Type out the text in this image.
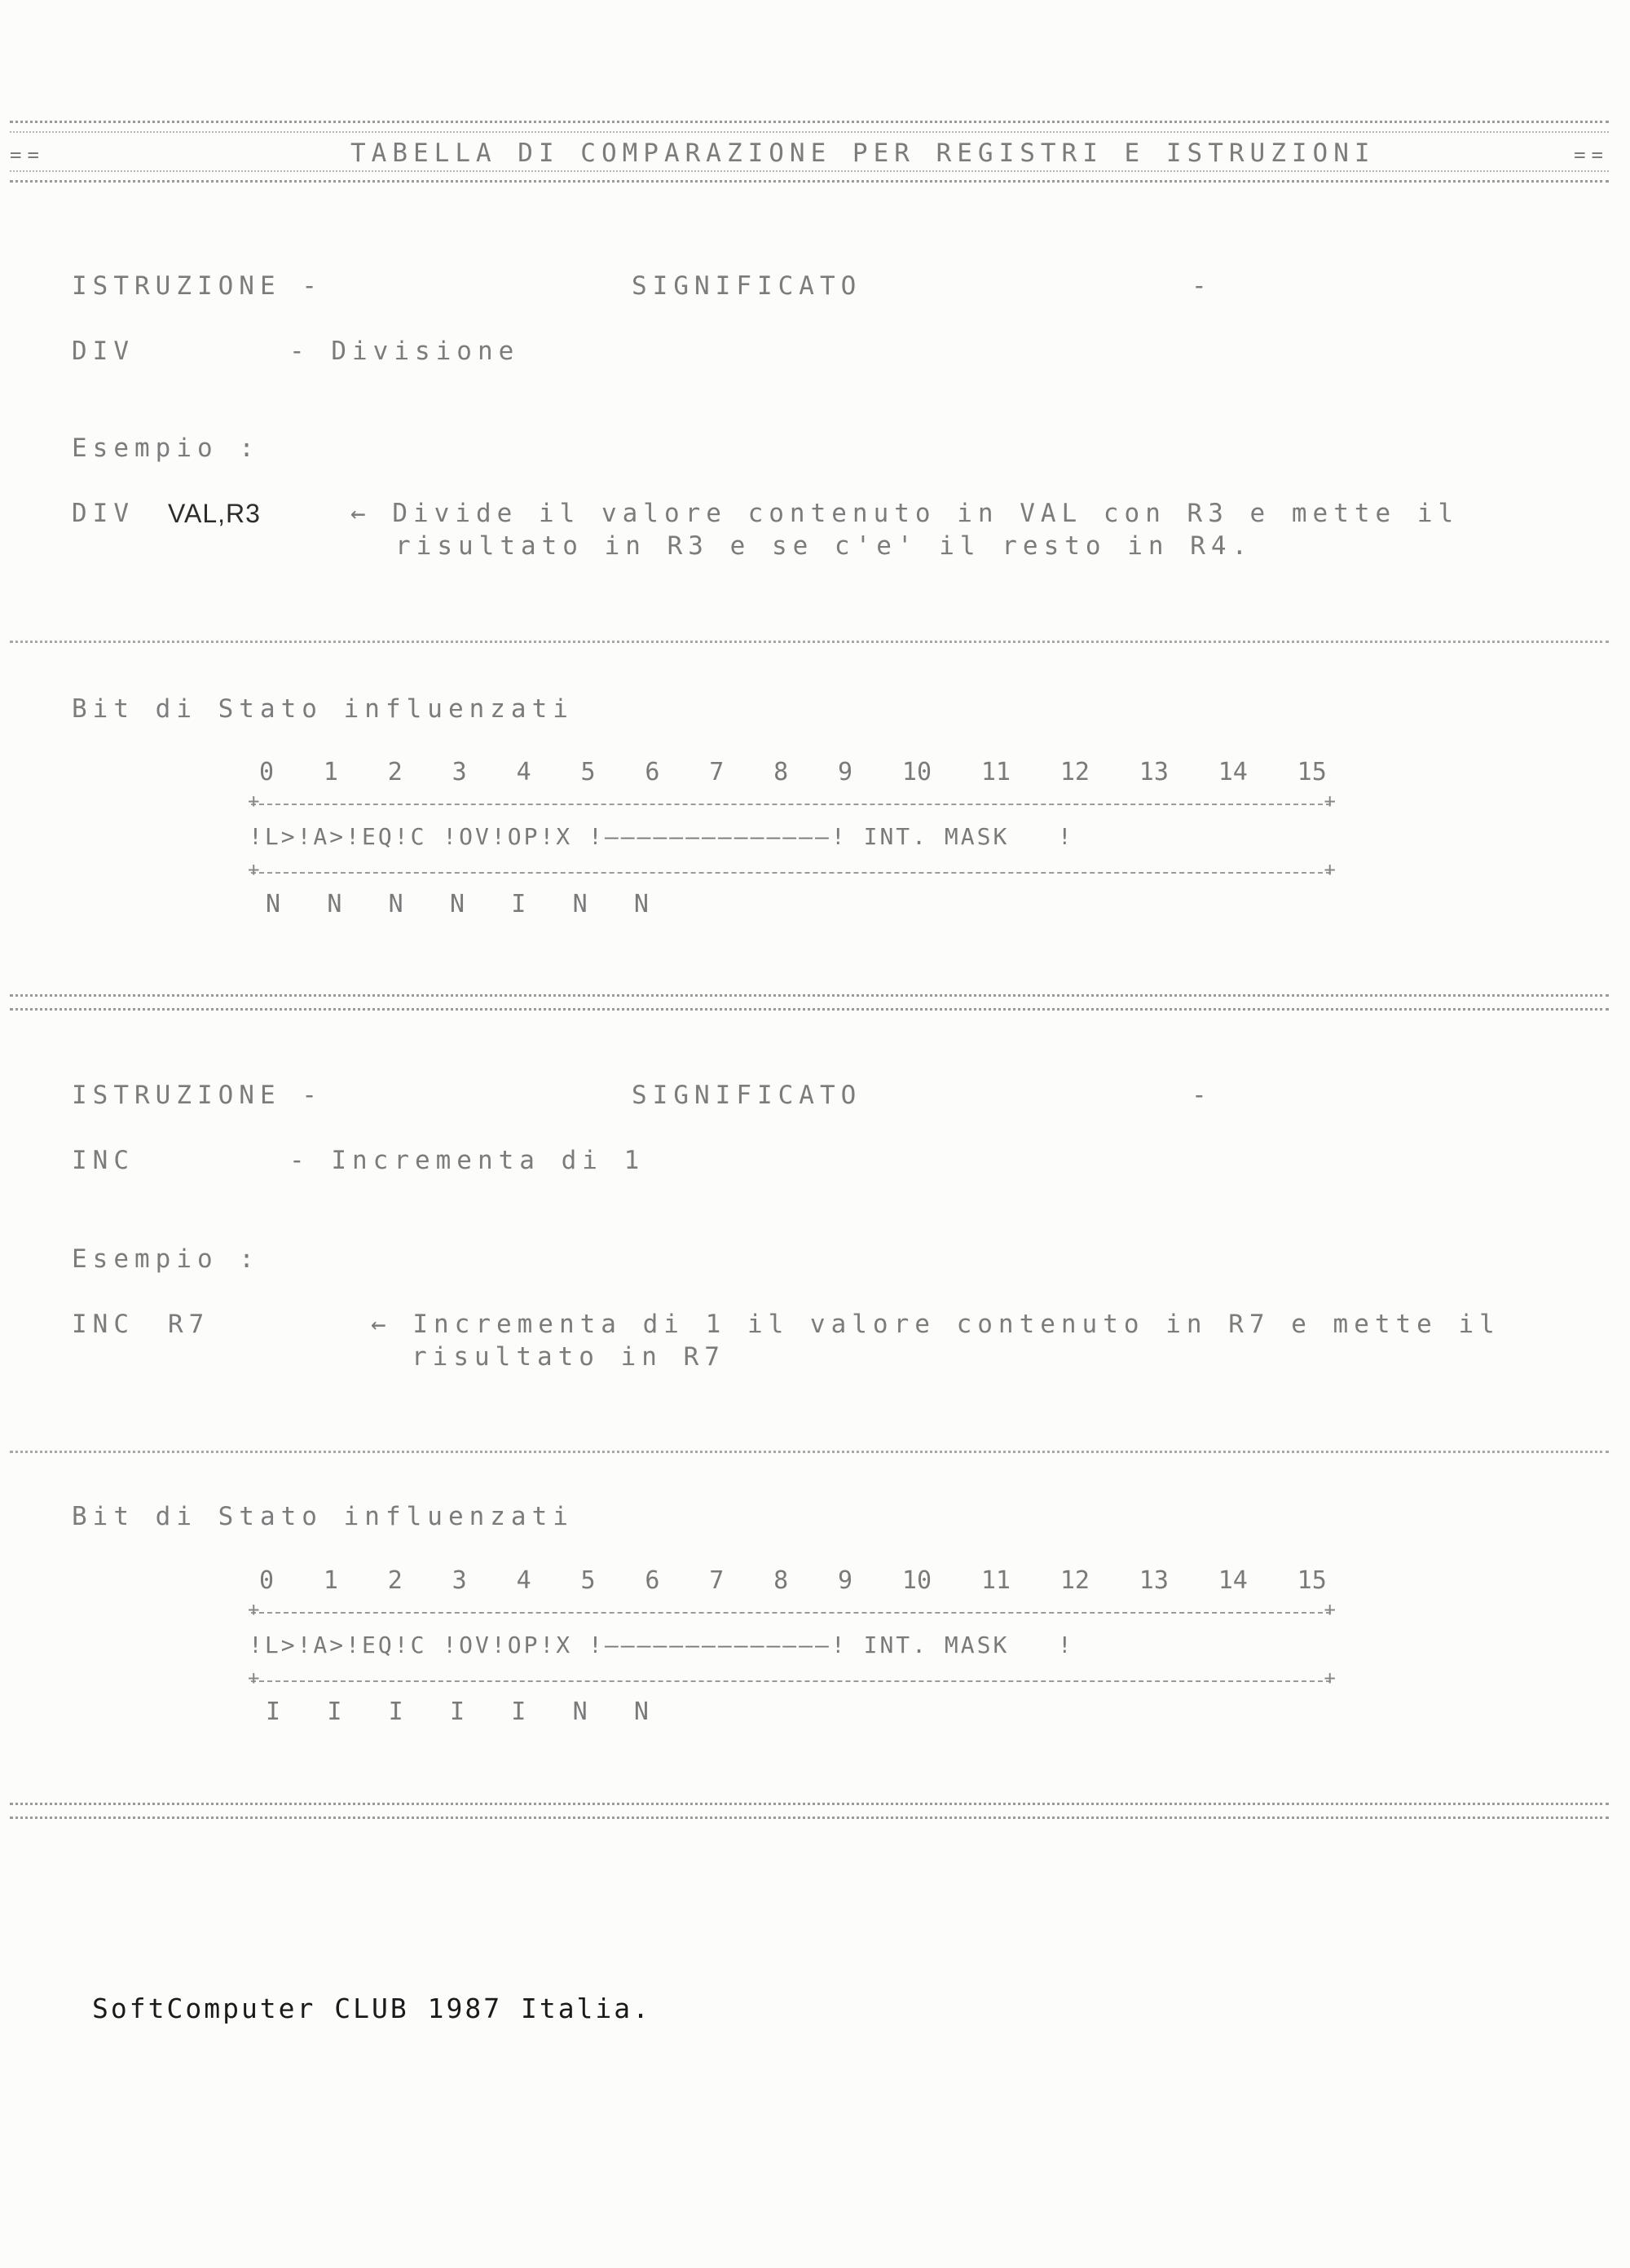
==	==
TABELLA DI COMPARAZIONE PER REGISTRI E ISTRUZIONI
ISTRUZIONE -	SIGNIFICATO	-
DIV	- Divisione
Esempio :
DIV VAL,R3	← Divide il valore contenuto in VAL con R3 e mette il
risultato in R3 e se c'e' il resto in R4.
Bit di Stato influenzati
0 1 2 3 4 5 6 7 8 9 10 11 12 13 14 15
+ +
!L>!A>!EQ!C !OV!OP!X !——————————————! INT. MASK   !
+ +
N N N N I N N
ISTRUZIONE -	SIGNIFICATO	-
INC	- Incrementa di 1
Esempio :
INC R7	← Incrementa di 1 il valore contenuto in R7 e mette il
risultato in R7
Bit di Stato influenzati
0 1 2 3 4 5 6 7 8 9 10 11 12 13 14 15
+ +
!L>!A>!EQ!C !OV!OP!X !——————————————! INT. MASK   !
+ +
I I I I I N N
SoftComputer CLUB 1987 Italia.
